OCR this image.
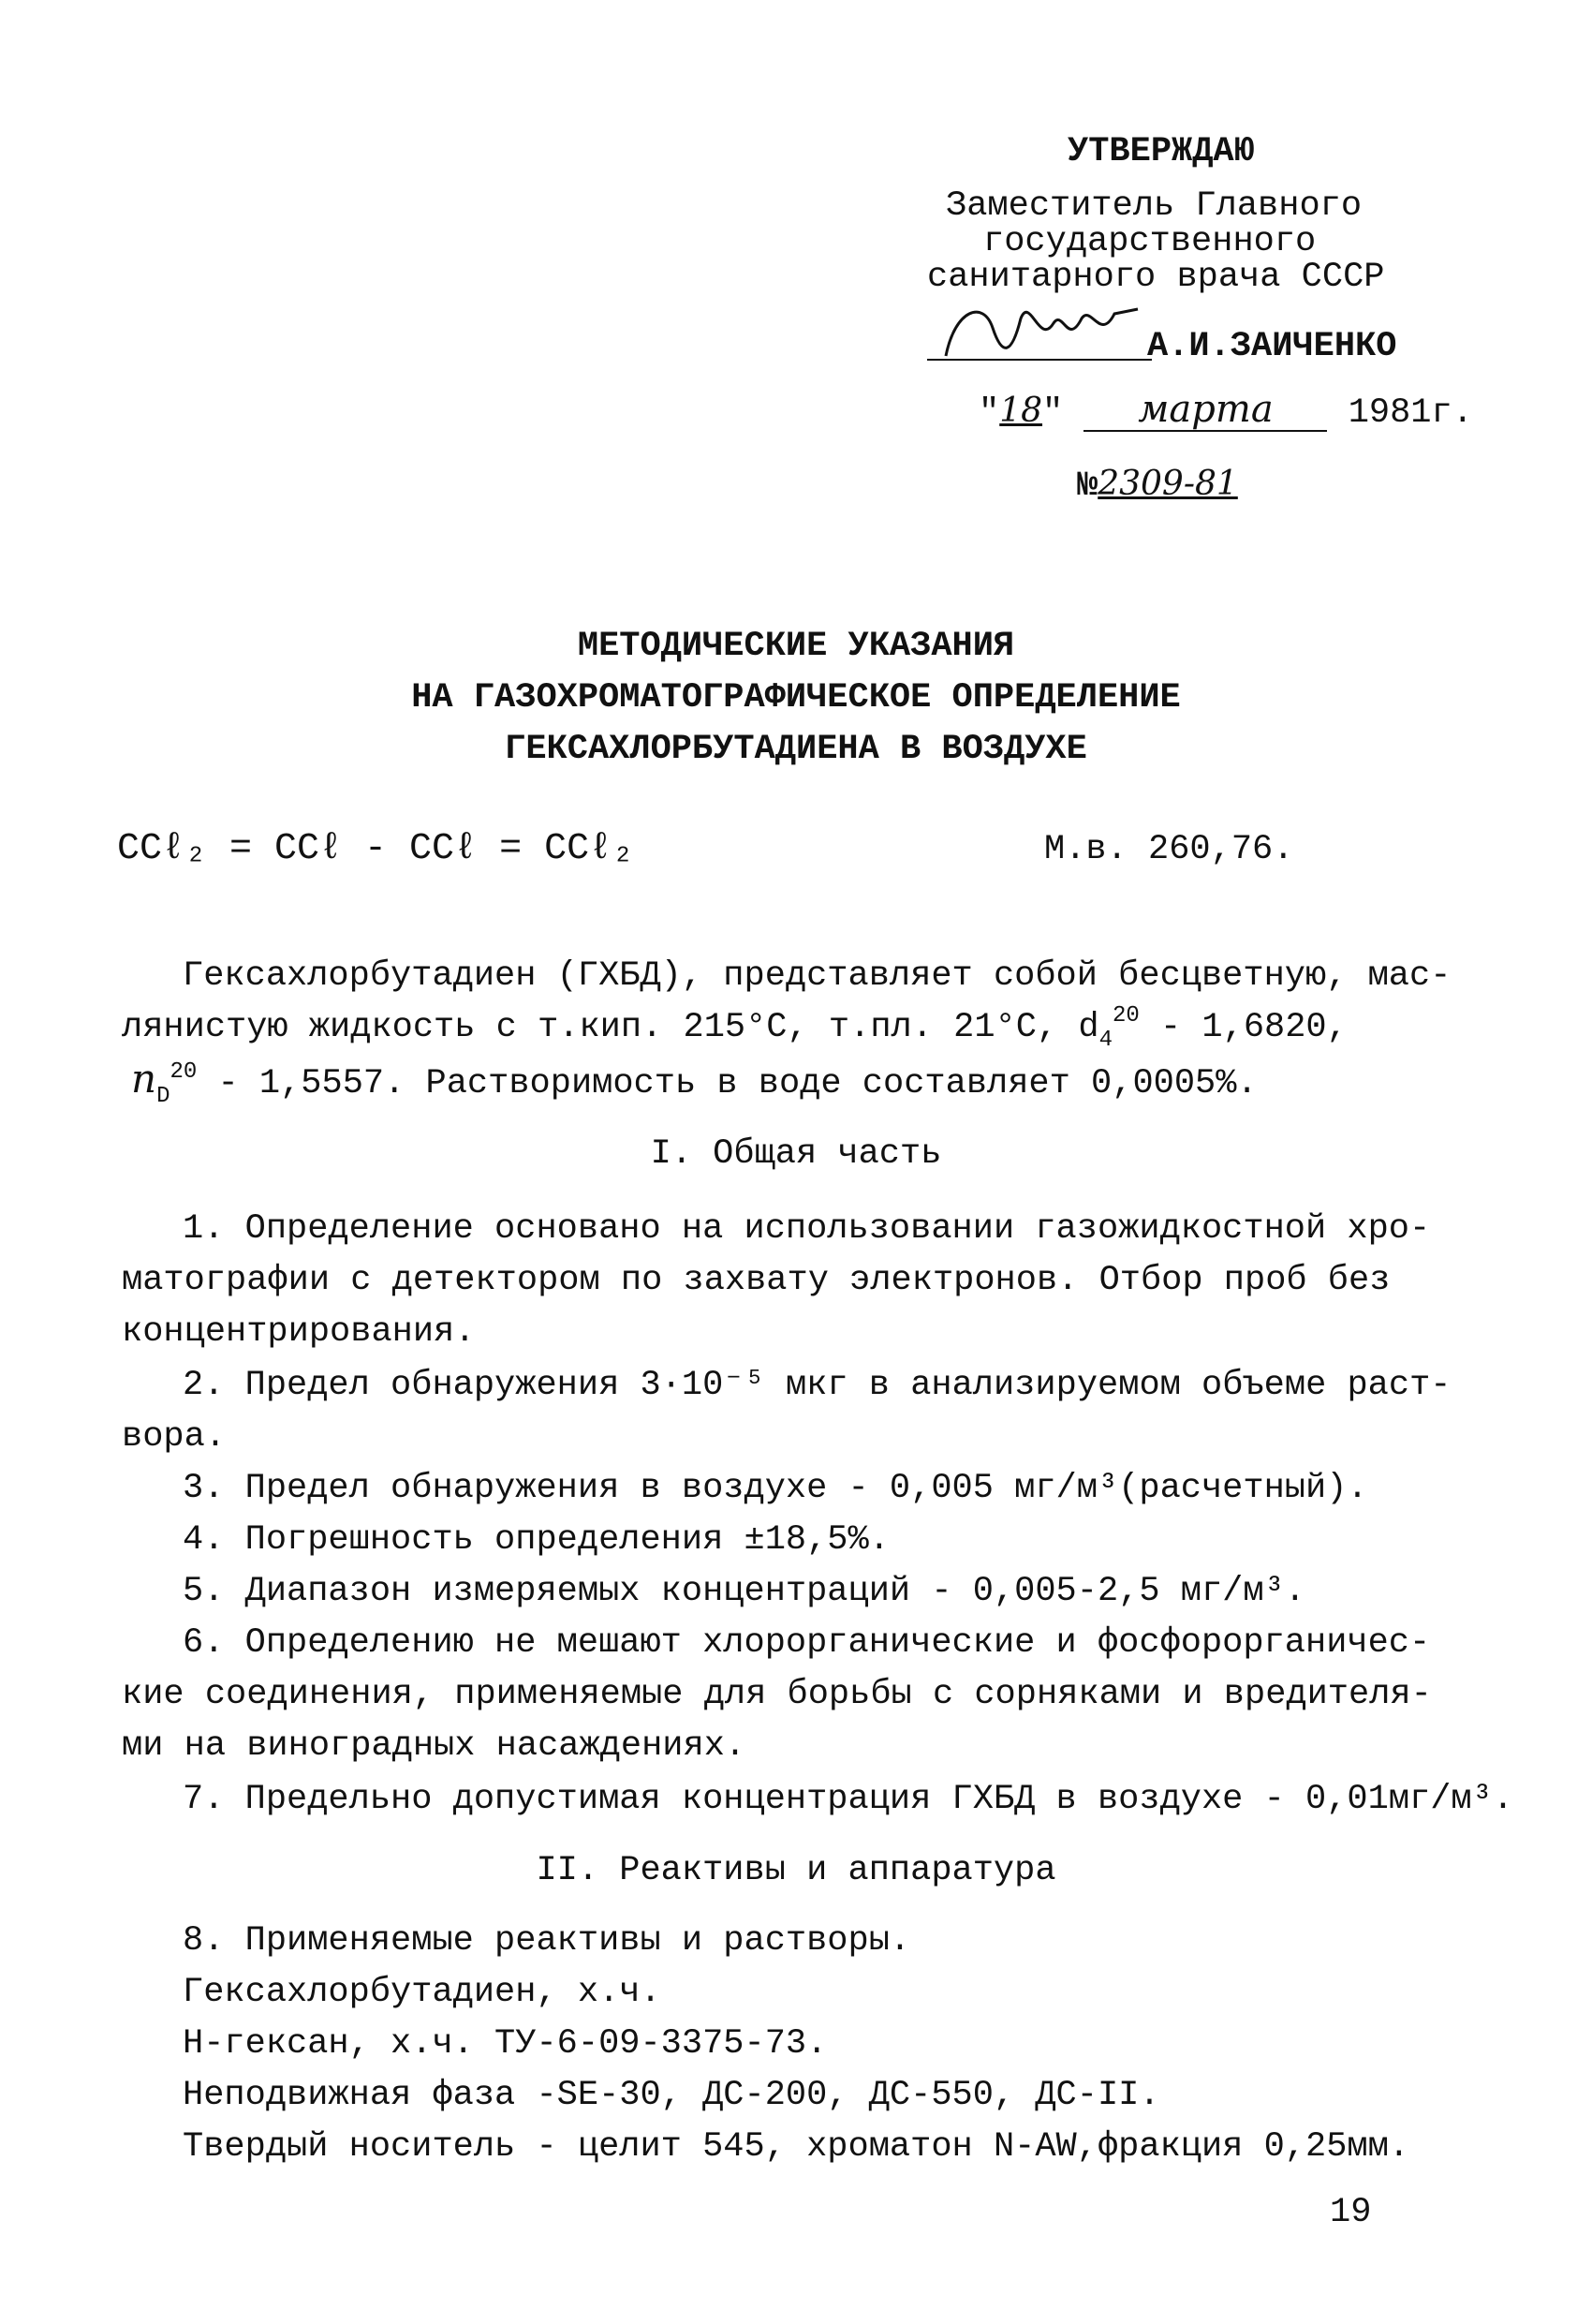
УТВЕРЖДАЮ
Заместитель Главного
государственного
санитарного врача СССР
А.И.ЗАИЧЕНКО
"18" марта 1981г.
№2309-81
МЕТОДИЧЕСКИЕ УКАЗАНИЯ
НА ГАЗОХРОМАТОГРАФИЧЕСКОЕ ОПРЕДЕЛЕНИЕ
ГЕКСАХЛОРБУТАДИЕНА В ВОЗДУХЕ
CCℓ₂ = CCℓ - CCℓ = CCℓ₂	М.в. 260,76.
Гексахлорбутадиен (ГХБД), представляет собой бесцветную, мас-
лянистую жидкость с т.кип. 215°С, т.пл. 21°С, $d_4^{20} - 1,6820$,
$n_D^{20} - 1,5557$. Растворимость в воде составляет 0,0005%.
I. Общая часть
1. Определение основано на использовании газожидкостной хро-
матографии с детектором по захвату электронов. Отбор проб без
концентрирования.
2. Предел обнаружения 3·10⁻⁵ мкг в анализируемом объеме раст-
вора.
3. Предел обнаружения в воздухе - 0,005 мг/м³(расчетный).
4. Погрешность определения ±18,5%.
5. Диапазон измеряемых концентраций - 0,005-2,5 мг/м³.
6. Определению не мешают хлорорганические и фосфорорганичес-
кие соединения, применяемые для борьбы с сорняками и вредителя-
ми на виноградных насаждениях.
7. Предельно допустимая концентрация ГХБД в воздухе - 0,01мг/м³.
II. Реактивы и аппаратура
8. Применяемые реактивы и растворы.
Гексахлорбутадиен, х.ч.
Н-гексан, х.ч. ТУ-6-09-3375-73.
Неподвижная фаза -SE-30, ДС-200, ДС-550, ДС-II.
Твердый носитель - целит 545, хроматон N-AW,фракция 0,25мм.
19
